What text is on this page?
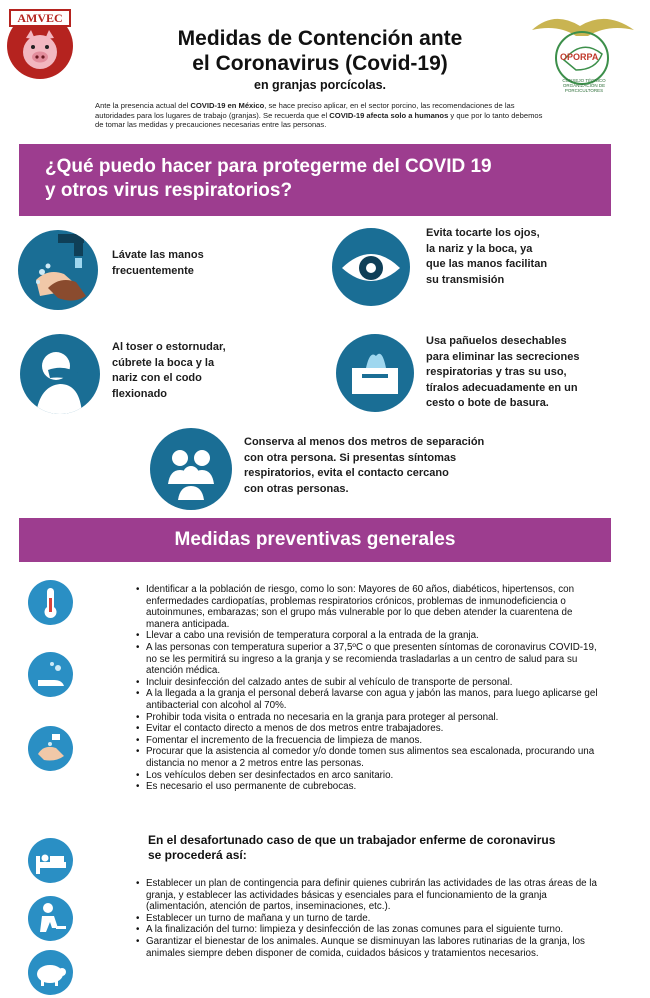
AMVEC
Medidas de Contención ante
el Coronavirus (Covid-19)
en granjas porcícolas.
OPORPA
CONSEJO TÉCNICO ORGANIZACIÓN DE PORCICULTORES
Ante la presencia actual del COVID-19 en México, se hace preciso aplicar, en el sector porcino, las recomendaciones de las autoridades para los lugares de trabajo (granjas). Se recuerda que el COVID-19 afecta solo a humanos y que por lo tanto debemos de tomar las medidas y precauciones necesarias entre las personas.
¿Qué puedo hacer para protegerme del COVID 19
y otros virus respiratorios?
Lávate las manos
frecuentemente
Evita tocarte los ojos,
la nariz y la boca, ya
que las manos facilitan
su transmisión
Al toser o estornudar,
cúbrete la boca y la
nariz con el codo
flexionado
Usa pañuelos desechables
para eliminar las secreciones
respiratorias y tras su uso,
tíralos adecuadamente en un
cesto o bote de basura.
Conserva al menos dos metros de separación
con otra persona. Si presentas síntomas
respiratorios, evita el contacto cercano
con otras personas.
Medidas preventivas generales
• Identificar a la población de riesgo, como lo son: Mayores de 60 años, diabéticos, hipertensos, con enfermedades cardiopatías, problemas respiratorios crónicos, problemas de inmunodeficiencia o autoinmunes, embarazas; son el grupo más vulnerable por lo que deben atender la cuarentena de manera anticipada.
• Llevar a cabo una revisión de temperatura corporal a la entrada de la granja.
• A las personas con temperatura superior a 37,5ºC o que presenten síntomas de coronavirus COVID-19, no se les permitirá su ingreso a la granja y se recomienda trasladarlas a un centro de salud para su atención médica.
• Incluir desinfección del calzado antes de subir al vehículo de transporte de personal.
• A la llegada a la granja el personal deberá lavarse con agua y jabón las manos, para luego aplicarse gel antibacterial con alcohol al 70%.
• Prohibir toda visita o entrada no necesaria en la granja para proteger al personal.
• Evitar el contacto directo a menos de dos metros entre trabajadores.
• Fomentar el incremento de la frecuencia de limpieza de manos.
• Procurar que la asistencia al comedor y/o donde tomen sus alimentos sea escalonada, procurando una distancia no menor a 2 metros entre las personas.
• Los vehículos deben ser desinfectados en arco sanitario.
• Es necesario el uso permanente de cubrebocas.
En el desafortunado caso de que un trabajador enferme de coronavirus se procederá así:
• Establecer un plan de contingencia para definir quienes cubrirán las actividades de las otras áreas de la granja, y establecer las actividades básicas y esenciales para el funcionamiento de la granja (alimentación, atención de partos, inseminaciones, etc.).
• Establecer un turno de mañana y un turno de tarde.
• A la finalización del turno: limpieza y desinfección de las zonas comunes para el siguiente turno.
• Garantizar el bienestar de los animales. Aunque se disminuyan las labores rutinarias de la granja, los animales siempre deben disponer de comida, cuidados básicos y tratamientos necesarios.
